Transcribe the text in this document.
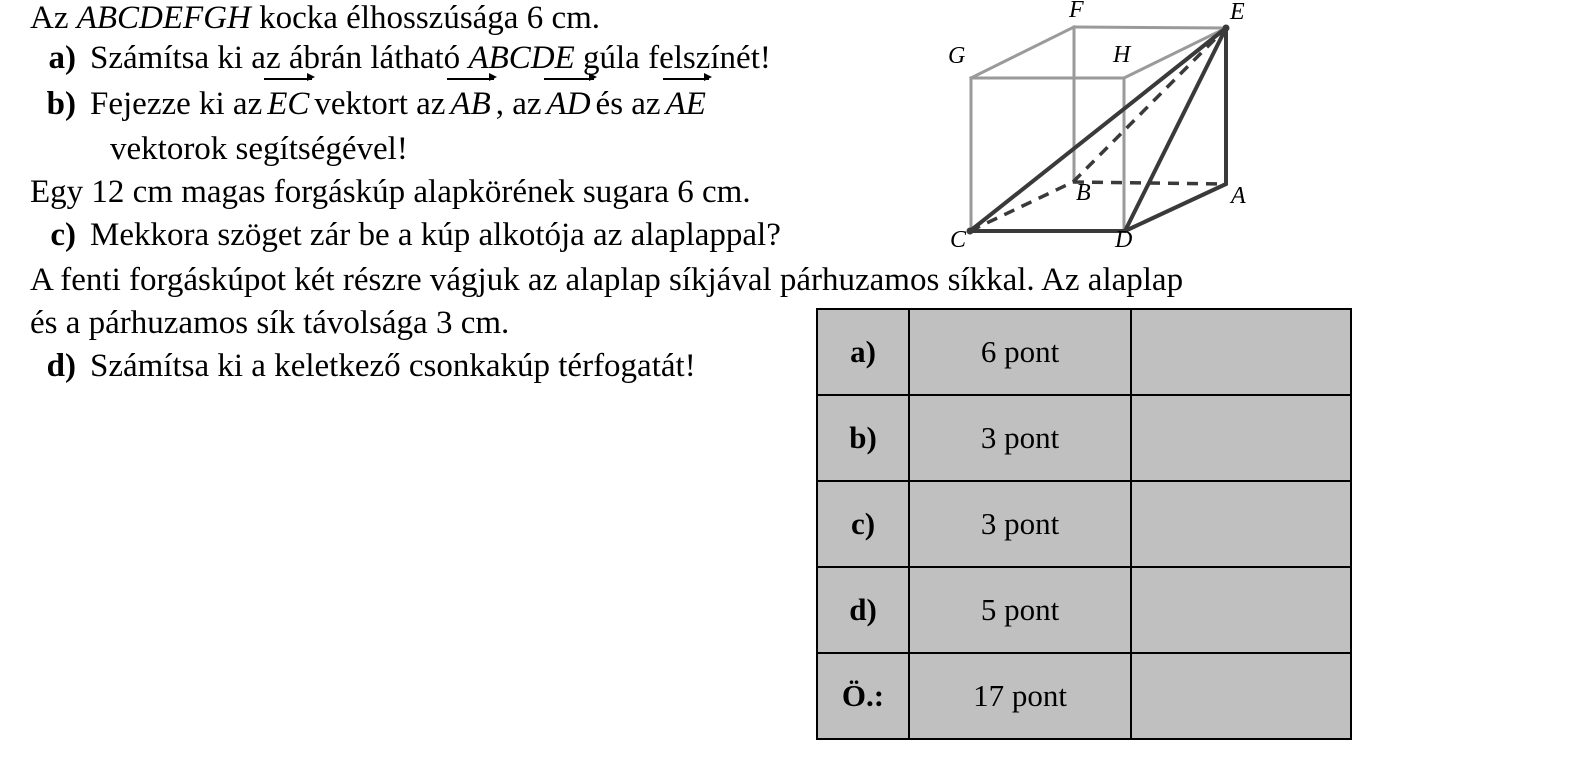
Az ABCDEFGH kocka élhosszúsága 6 cm.
a) Számítsa ki az ábrán látható ABCDE gúla felszínét!
b) Fejezze ki az EC vektort az AB , az AD és az AE
vektorok segítségével!
Egy 12 cm magas forgáskúp alapkörének sugara 6 cm.
c) Mekkora szöget zár be a kúp alkotója az alaplappal?
A fenti forgáskúpot két részre vágjuk az alaplap síkjával párhuzamos síkkal. Az alaplap
és a párhuzamos sík távolsága 3 cm.
d) Számítsa ki a keletkező csonkakúp térfogatát!
G
F
H
E
B	A
C	D
a)	6 pont	
b)	3 pont	
c)	3 pont	
d)	5 pont	
Ö.:	17 pont	
